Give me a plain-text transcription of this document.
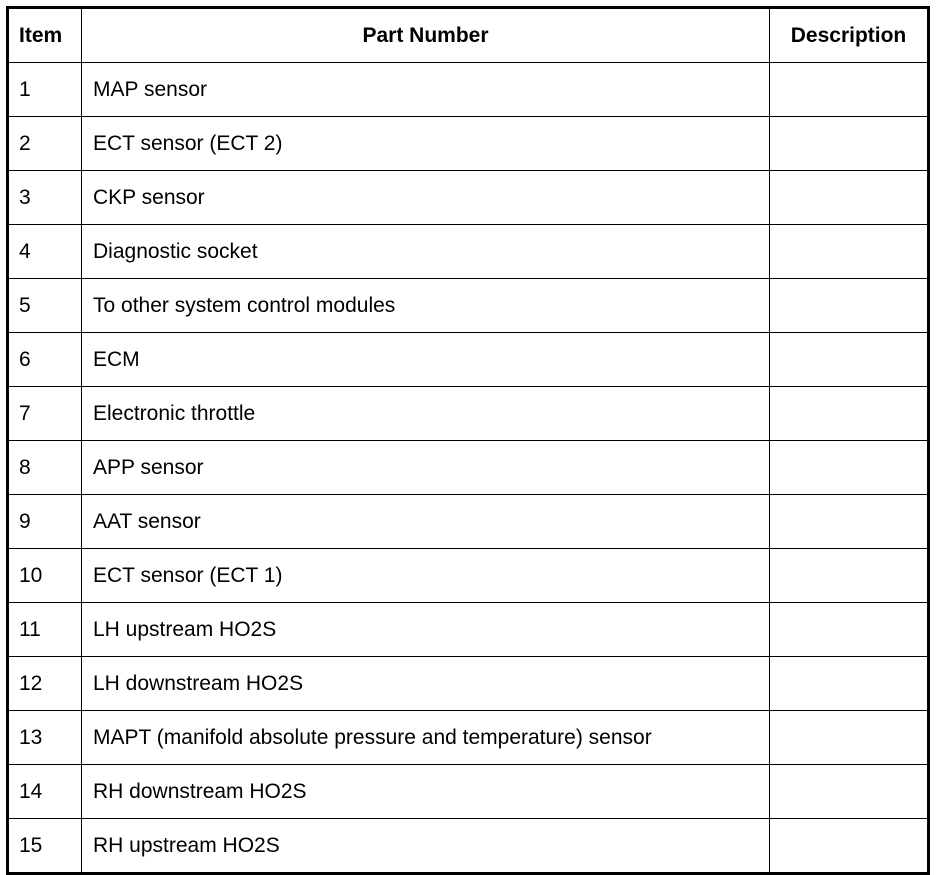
Item	Part Number	Description
1	MAP sensor	
2	ECT sensor (ECT 2)	
3	CKP sensor	
4	Diagnostic socket	
5	To other system control modules	
6	ECM	
7	Electronic throttle	
8	APP sensor	
9	AAT sensor	
10	ECT sensor (ECT 1)	
11	LH upstream HO2S	
12	LH downstream HO2S	
13	MAPT (manifold absolute pressure and temperature) sensor	
14	RH downstream HO2S	
15	RH upstream HO2S	
